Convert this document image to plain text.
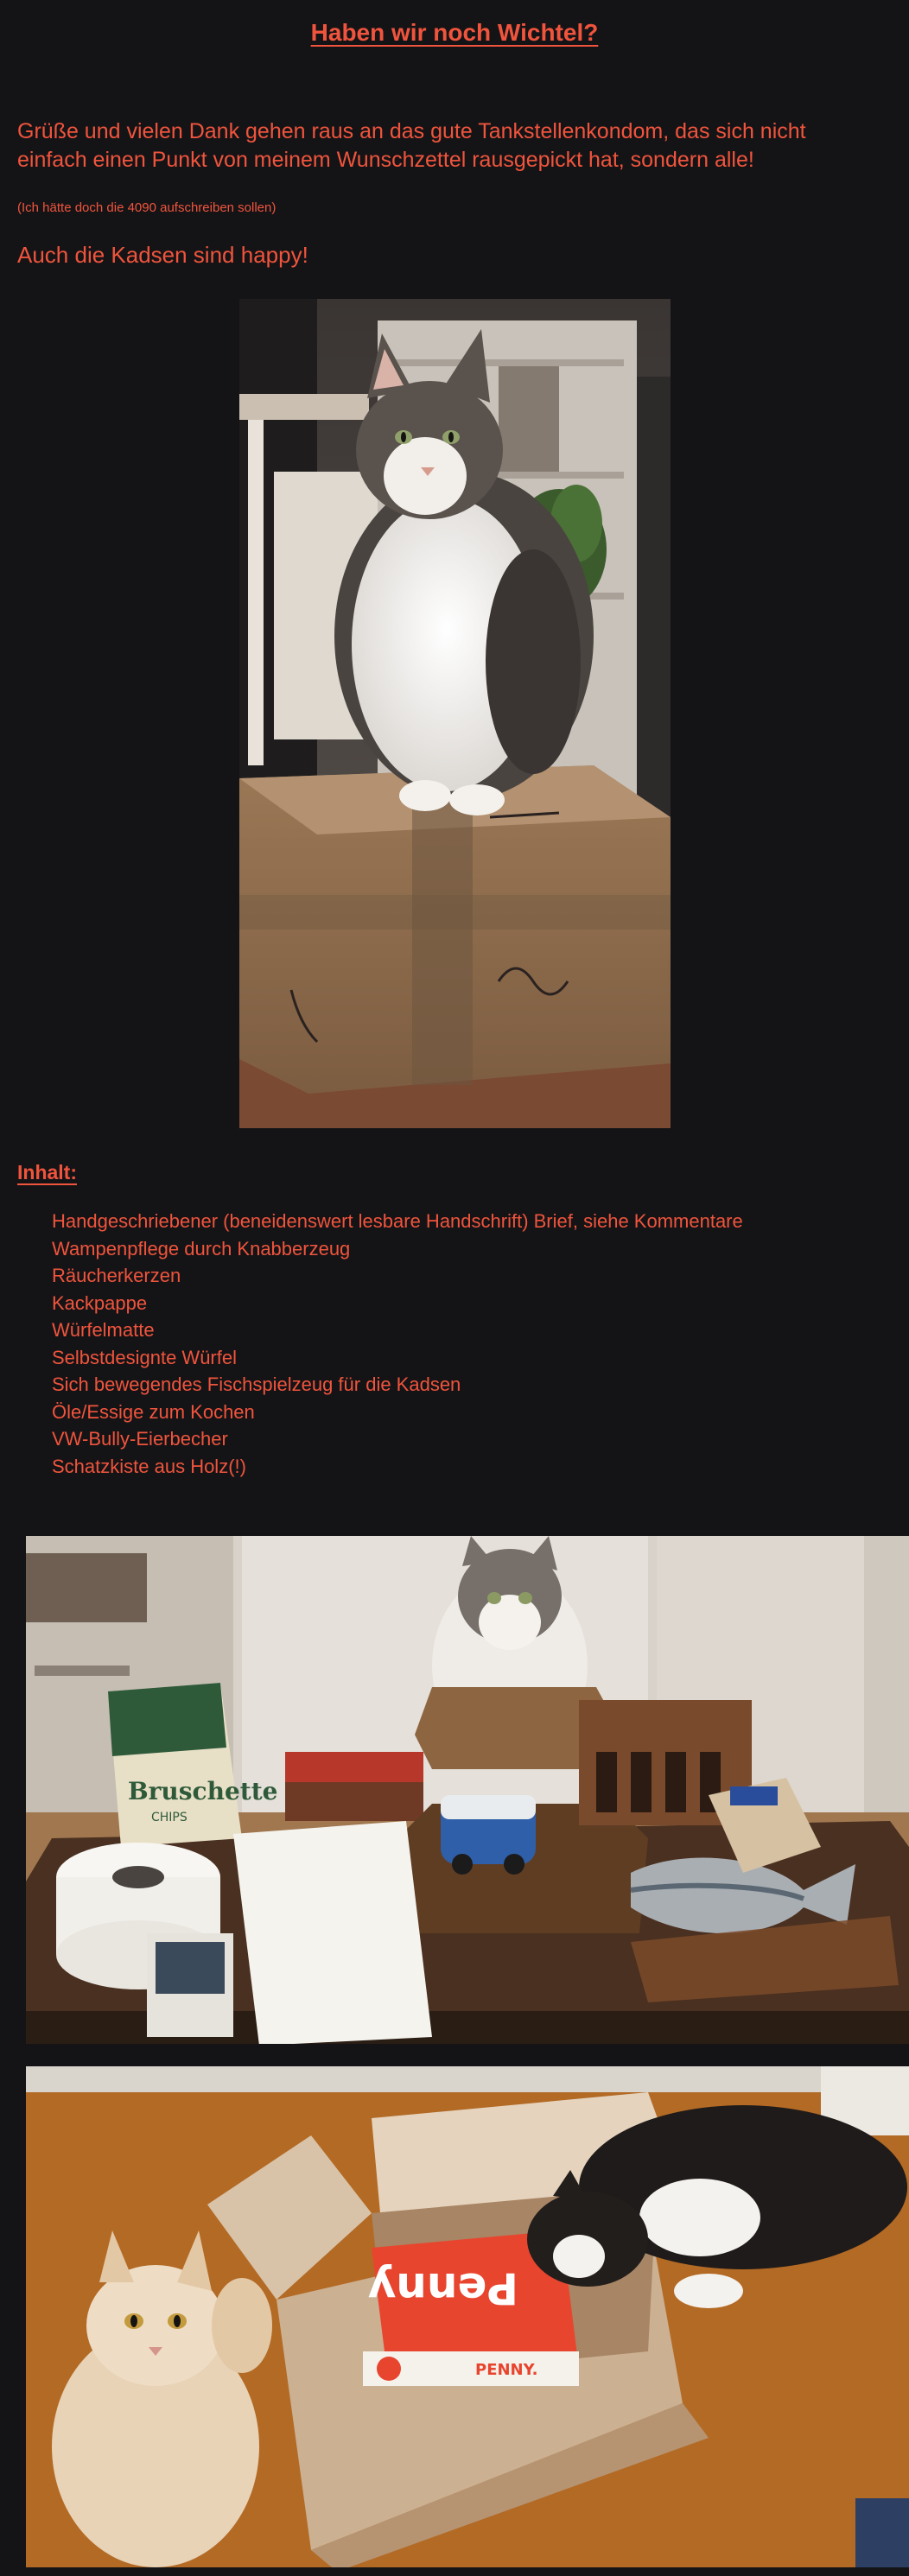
Haben wir noch Wichtel?

Grüße und vielen Dank gehen raus an das gute Tankstellenkondom, das sich nicht einfach einen Punkt von meinem Wunschzettel rausgepickt hat, sondern alle!

(Ich hätte doch die 4090 aufschreiben sollen)

Auch die Kadsen sind happy!

Inhalt:
Handgeschriebener (beneidenswert lesbare Handschrift) Brief, siehe Kommentare
Wampenpflege durch Knabberzeug
Räucherkerzen
Kackpappe
Würfelmatte
Selbstdesignte Würfel
Sich bewegendes Fischspielzeug für die Kadsen
Öle/Essige zum Kochen
VW-Bully-Eierbecher
Schatzkiste aus Holz(!)
Bruschette
CHIPS
Penny
PENNY.
